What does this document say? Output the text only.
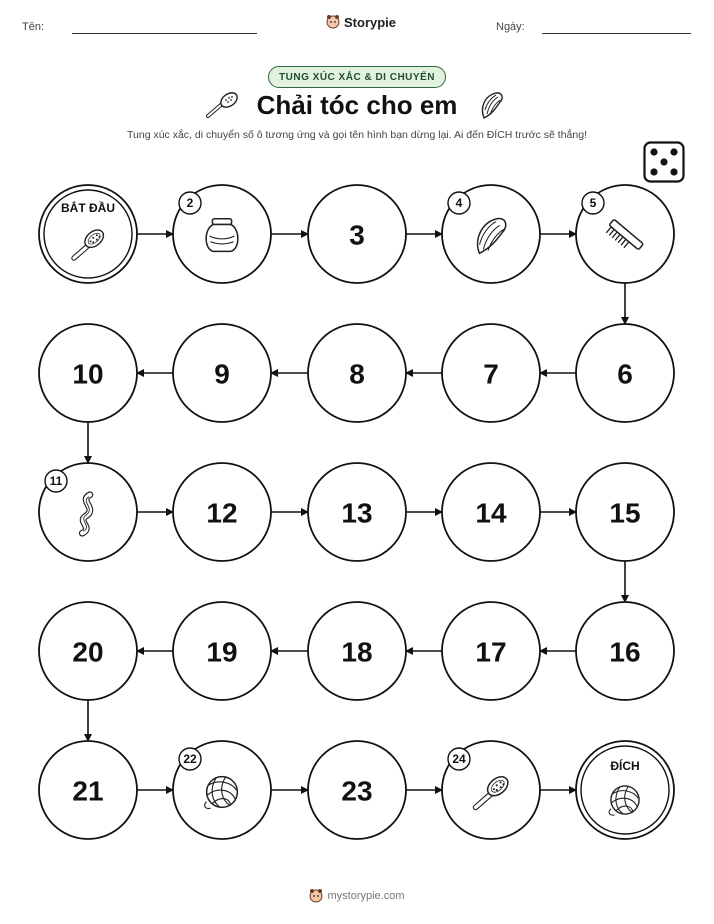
Tên:	Storypie	Ngày:
TUNG XÚC XẮC & DI CHUYỂN
Chải tóc cho em
Tung xúc xắc, di chuyển số ô tương ứng và gọi tên hình bạn dừng lại. Ai đến ĐÍCH trước sẽ thắng!
BẮT ĐẦU	2
3
4	5
6
7
8
9
10
11
12	13	14	15
16
17
18
19
20
21
22
23
24	ĐÍCH
mystorypie.com
